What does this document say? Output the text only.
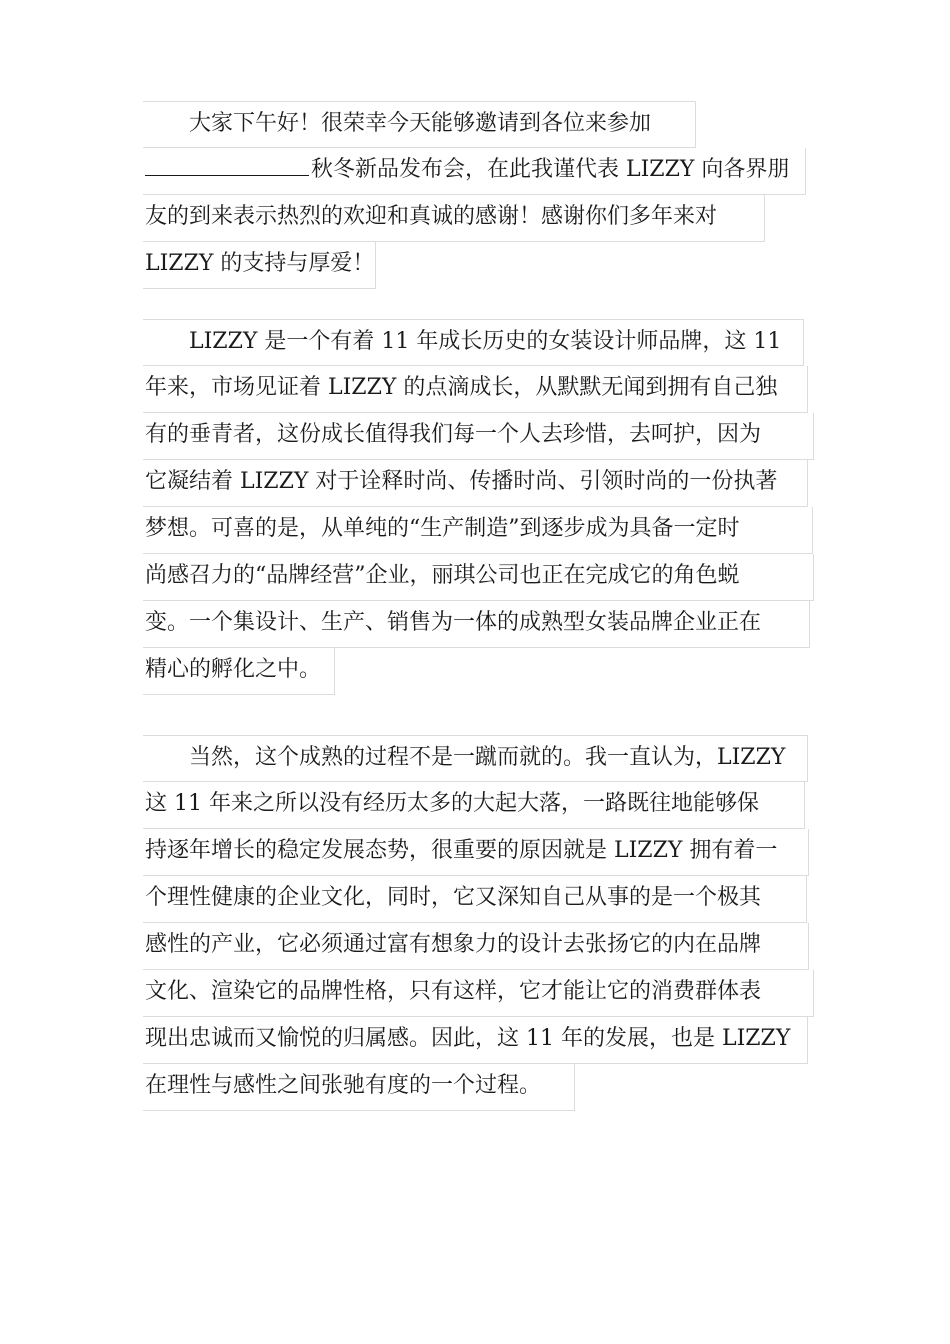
大家下午好！很荣幸今天能够邀请到各位来参加
秋冬新品发布会，在此我谨代表 LIZZY 向各界朋
友的到来表示热烈的欢迎和真诚的感谢！感谢你们多年来对
LIZZY 的支持与厚爱！
LIZZY 是一个有着 11 年成长历史的女装设计师品牌，这 11
年来，市场见证着 LIZZY 的点滴成长，从默默无闻到拥有自己独
有的垂青者，这份成长值得我们每一个人去珍惜，去呵护，因为
它凝结着 LIZZY 对于诠释时尚、传播时尚、引领时尚的一份执著
梦想。可喜的是，从单纯的“生产制造”到逐步成为具备一定时
尚感召力的“品牌经营”企业，丽琪公司也正在完成它的角色蜕
变。一个集设计、生产、销售为一体的成熟型女装品牌企业正在
精心的孵化之中。
当然，这个成熟的过程不是一蹴而就的。我一直认为，LIZZY
这 11 年来之所以没有经历太多的大起大落，一路既往地能够保
持逐年增长的稳定发展态势，很重要的原因就是 LIZZY 拥有着一
个理性健康的企业文化，同时，它又深知自己从事的是一个极其
感性的产业，它必须通过富有想象力的设计去张扬它的内在品牌
文化、渲染它的品牌性格，只有这样，它才能让它的消费群体表
现出忠诚而又愉悦的归属感。因此，这 11 年的发展，也是 LIZZY
在理性与感性之间张驰有度的一个过程。
